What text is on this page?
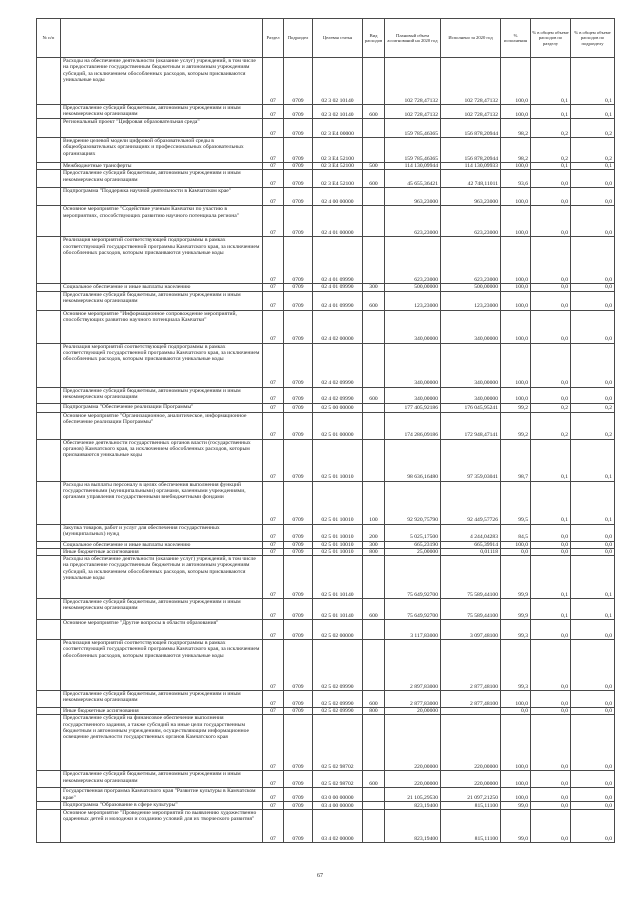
№ п/п		Раздел	Подраздел	Целевая статья	Вид расходов	Плановый объем ассигнований на 2020 год	Исполнено за 2020 год	% исполнения	% в общем объеме расходов по разделу	% в общем объеме расходов по подразделу
	Расходы на обеспечение деятельности (оказание услуг) учреждений, в том числе на предоставление государственным бюджетным и автономным учреждениям субсидий, за исключением обособленных расходов, которым присваиваются уникальные коды	07	0709	02 3 02 10140		102 728,47132	102 728,47132	100,0	0,1	0,1
	Предоставление субсидий бюджетным, автономным учреждениям и иным некоммерческим организациям	07	0709	02 3 02 10140	600	102 728,47132	102 728,47132	100,0	0,1	0,1
	Региональный проект "Цифровая образовательная среда"	07	0709	02 3 E4 00000		159 785,46365	156 878,20944	98,2	0,2	0,2
	Внедрение целевой модели цифровой образовательной среды в общеобразовательных организациях и профессиональных образовательных организациях	07	0709	02 3 E4 52100		159 785,46365	156 878,20944	98,2	0,2	0,2
	Межбюджетные трансферты	07	0709	02 3 E4 52100	500	114 130,09944	114 130,09933	100,0	0,1	0,1
	Предоставление субсидий бюджетным, автономным учреждениям и иным некоммерческим организациям	07	0709	02 3 E4 52100	600	45 655,36421	42 748,11011	93,6	0,0	0,0
	Подпрограмма "Поддержка научной деятельности в Камчатском крае"	07	0709	02 4 00 00000		963,23000	963,23000	100,0	0,0	0,0
	Основное мероприятие "Содействие ученым Камчатки по участию в мероприятиях, способствующих развитию научного потенциала региона"	07	0709	02 4 01 00000		623,23000	623,23000	100,0	0,0	0,0
	Реализация мероприятий соответствующей подпрограммы в рамках соответствующей государственной программы Камчатского края, за исключением обособленных расходов, которым присваиваются уникальные коды	07	0709	02 4 01 09990		623,23000	623,23000	100,0	0,0	0,0
	Социальное обеспечение и иные выплаты населению	07	0709	02 4 01 09990	300	500,00000	500,00000	100,0	0,0	0,0
	Предоставление субсидий бюджетным, автономным учреждениям и иным некоммерческим организациям	07	0709	02 4 01 09990	600	123,23000	123,23000	100,0	0,0	0,0
	Основное мероприятие "Информационное сопровождение мероприятий, способствующих развитию научного потенциала Камчатки"	07	0709	02 4 02 00000		340,00000	340,00000	100,0	0,0	0,0
	Реализация мероприятий соответствующей подпрограммы в рамках соответствующей государственной программы Камчатского края, за исключением обособленных расходов, которым присваиваются уникальные коды	07	0709	02 4 02 09990		340,00000	340,00000	100,0	0,0	0,0
	Предоставление субсидий бюджетным, автономным учреждениям и иным некоммерческим организациям	07	0709	02 4 02 09990	600	340,00000	340,00000	100,0	0,0	0,0
	Подпрограмма "Обеспечение реализации Программы"	07	0709	02 5 00 00000		177 405,92186	176 045,95241	99,2	0,2	0,2
	Основное мероприятие "Организационное, аналитическое, информационное обеспечение реализации Программы"	07	0709	02 5 01 00000		174 286,09186	172 948,47141	99,2	0,2	0,2
	Обеспечение деятельности государственных органов власти (государственных органов) Камчатского края, за исключением обособленных расходов, которым присваиваются уникальные коды	07	0709	02 5 01 10010		98 636,16480	97 359,03041	98,7	0,1	0,1
	Расходы на выплаты персоналу в целях обеспечения выполнения функций государственными (муниципальными) органами, казенными учреждениями, органами управления государственными внебюджетными фондами	07	0709	02 5 01 10010	100	92 920,75790	92 449,57726	99,5	0,1	0,1
	Закупка товаров, работ и услуг для обеспечения государственных (муниципальных) нужд	07	0709	02 5 01 10010	200	5 025,17500	4 244,04283	84,5	0,0	0,0
	Социальное обеспечение и иные выплаты населению	07	0709	02 5 01 10010	300	665,23190	665,39914	100,0	0,0	0,0
	Иные бюджетные ассигнования	07	0709	02 5 01 10010	800	25,00000	0,01118	0,0	0,0	0,0
	Расходы на обеспечение деятельности (оказание услуг) учреждений, в том числе на предоставление государственным бюджетным и автономным учреждениям субсидий, за исключением обособленных расходов, которым присваиваются уникальные коды	07	0709	02 5 01 10140		75 649,92700	75 589,44100	99,9	0,1	0,1
	Предоставление субсидий бюджетным, автономным учреждениям и иным некоммерческим организациям	07	0709	02 5 01 10140	600	75 649,92700	75 589,44100	99,9	0,1	0,1
	Основное мероприятие "Другие вопросы в области образования"	07	0709	02 5 02 00000		3 117,83000	3 097,48100	99,3	0,0	0,0
	Реализация мероприятий соответствующей подпрограммы в рамках соответствующей государственной программы Камчатского края, за исключением обособленных расходов, которым присваиваются уникальные коды	07	0709	02 5 02 09990		2 897,83000	2 877,48100	99,3	0,0	0,0
	Предоставление субсидий бюджетным, автономным учреждениям и иным некоммерческим организациям	07	0709	02 5 02 09990	600	2 877,83000	2 877,48100	100,0	0,0	0,0
	Иные бюджетные ассигнования	07	0709	02 5 02 09990	800	20,00000		0,0	0,0	0,0
	Предоставление субсидий на финансовое обеспечение выполнения государственного задания, а также субсидий на иные цели государственным бюджетным и автономным учреждениям, осуществляющим информационное освещение деятельности государственных органов Камчатского края	07	0709	02 5 02 98702		220,00000	220,00000	100,0	0,0	0,0
	Предоставление субсидий бюджетным, автономным учреждениям и иным некоммерческим организациям	07	0709	02 5 02 98702	600	220,00000	220,00000	100,0	0,0	0,0
	Государственная программа Камчатского края "Развитие культуры в Камчатском крае"	07	0709	03 0 00 00000		21 105,29530	21 097,21250	100,0	0,0	0,0
	Подпрограмма "Образование в сфере культуры"	07	0709	03 4 00 00000		823,19400	815,11100	99,0	0,0	0,0
	Основное мероприятие "Проведение мероприятий по выявлению художественно одаренных детей и молодежи и созданию условий для их творческого развития"	07	0709	03 4 02 00000		823,19400	815,11100	99,0	0,0	0,0
67
